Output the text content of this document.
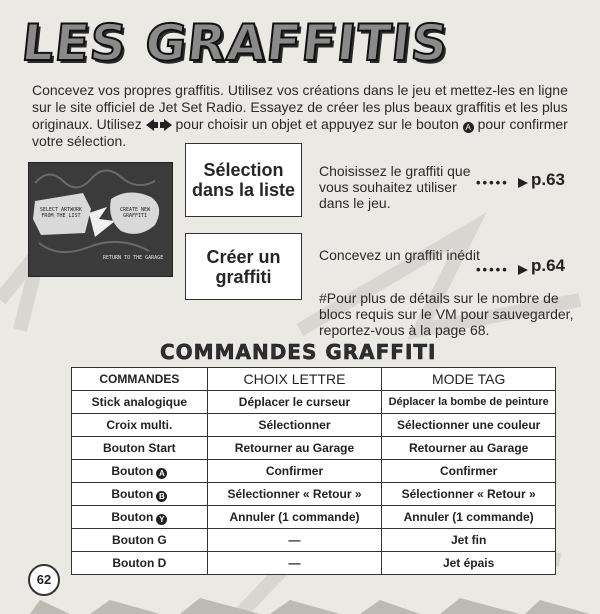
LES GRAFFITIS
Concevez vos propres graffitis. Utilisez vos créations dans le jeu et mettez-les en ligne sur le site officiel de Jet Set Radio. Essayez de créer les plus beaux graffitis et les plus originaux. Utilisez  pour choisir un objet et appuyez sur le bouton A pour confirmer votre sélection.
SELECT ARTWORK FROM THE LIST
CREATE NEW GRAFFITI
RETURN TO THE GARAGE
Sélection dans la liste
Choisissez le graffiti que vous souhaitez utiliser dans le jeu.
••••• p.63
Créer un graffiti
Concevez un graffiti inédit
••••• p.64
#Pour plus de détails sur le nombre de blocs requis sur le VM pour sauvegarder, reportez-vous à la page 68.
COMMANDES GRAFFITI
COMMANDES	CHOIX LETTRE	MODE TAG
Stick analogique	Déplacer le curseur	Déplacer la bombe de peinture
Croix multi.	Sélectionner	Sélectionner une couleur
Bouton Start	Retourner au Garage	Retourner au Garage
Bouton A	Confirmer	Confirmer
Bouton B	Sélectionner « Retour »	Sélectionner « Retour »
Bouton Y	Annuler (1 commande)	Annuler (1 commande)
Bouton G	—	Jet fin
Bouton D	—	Jet épais
62
